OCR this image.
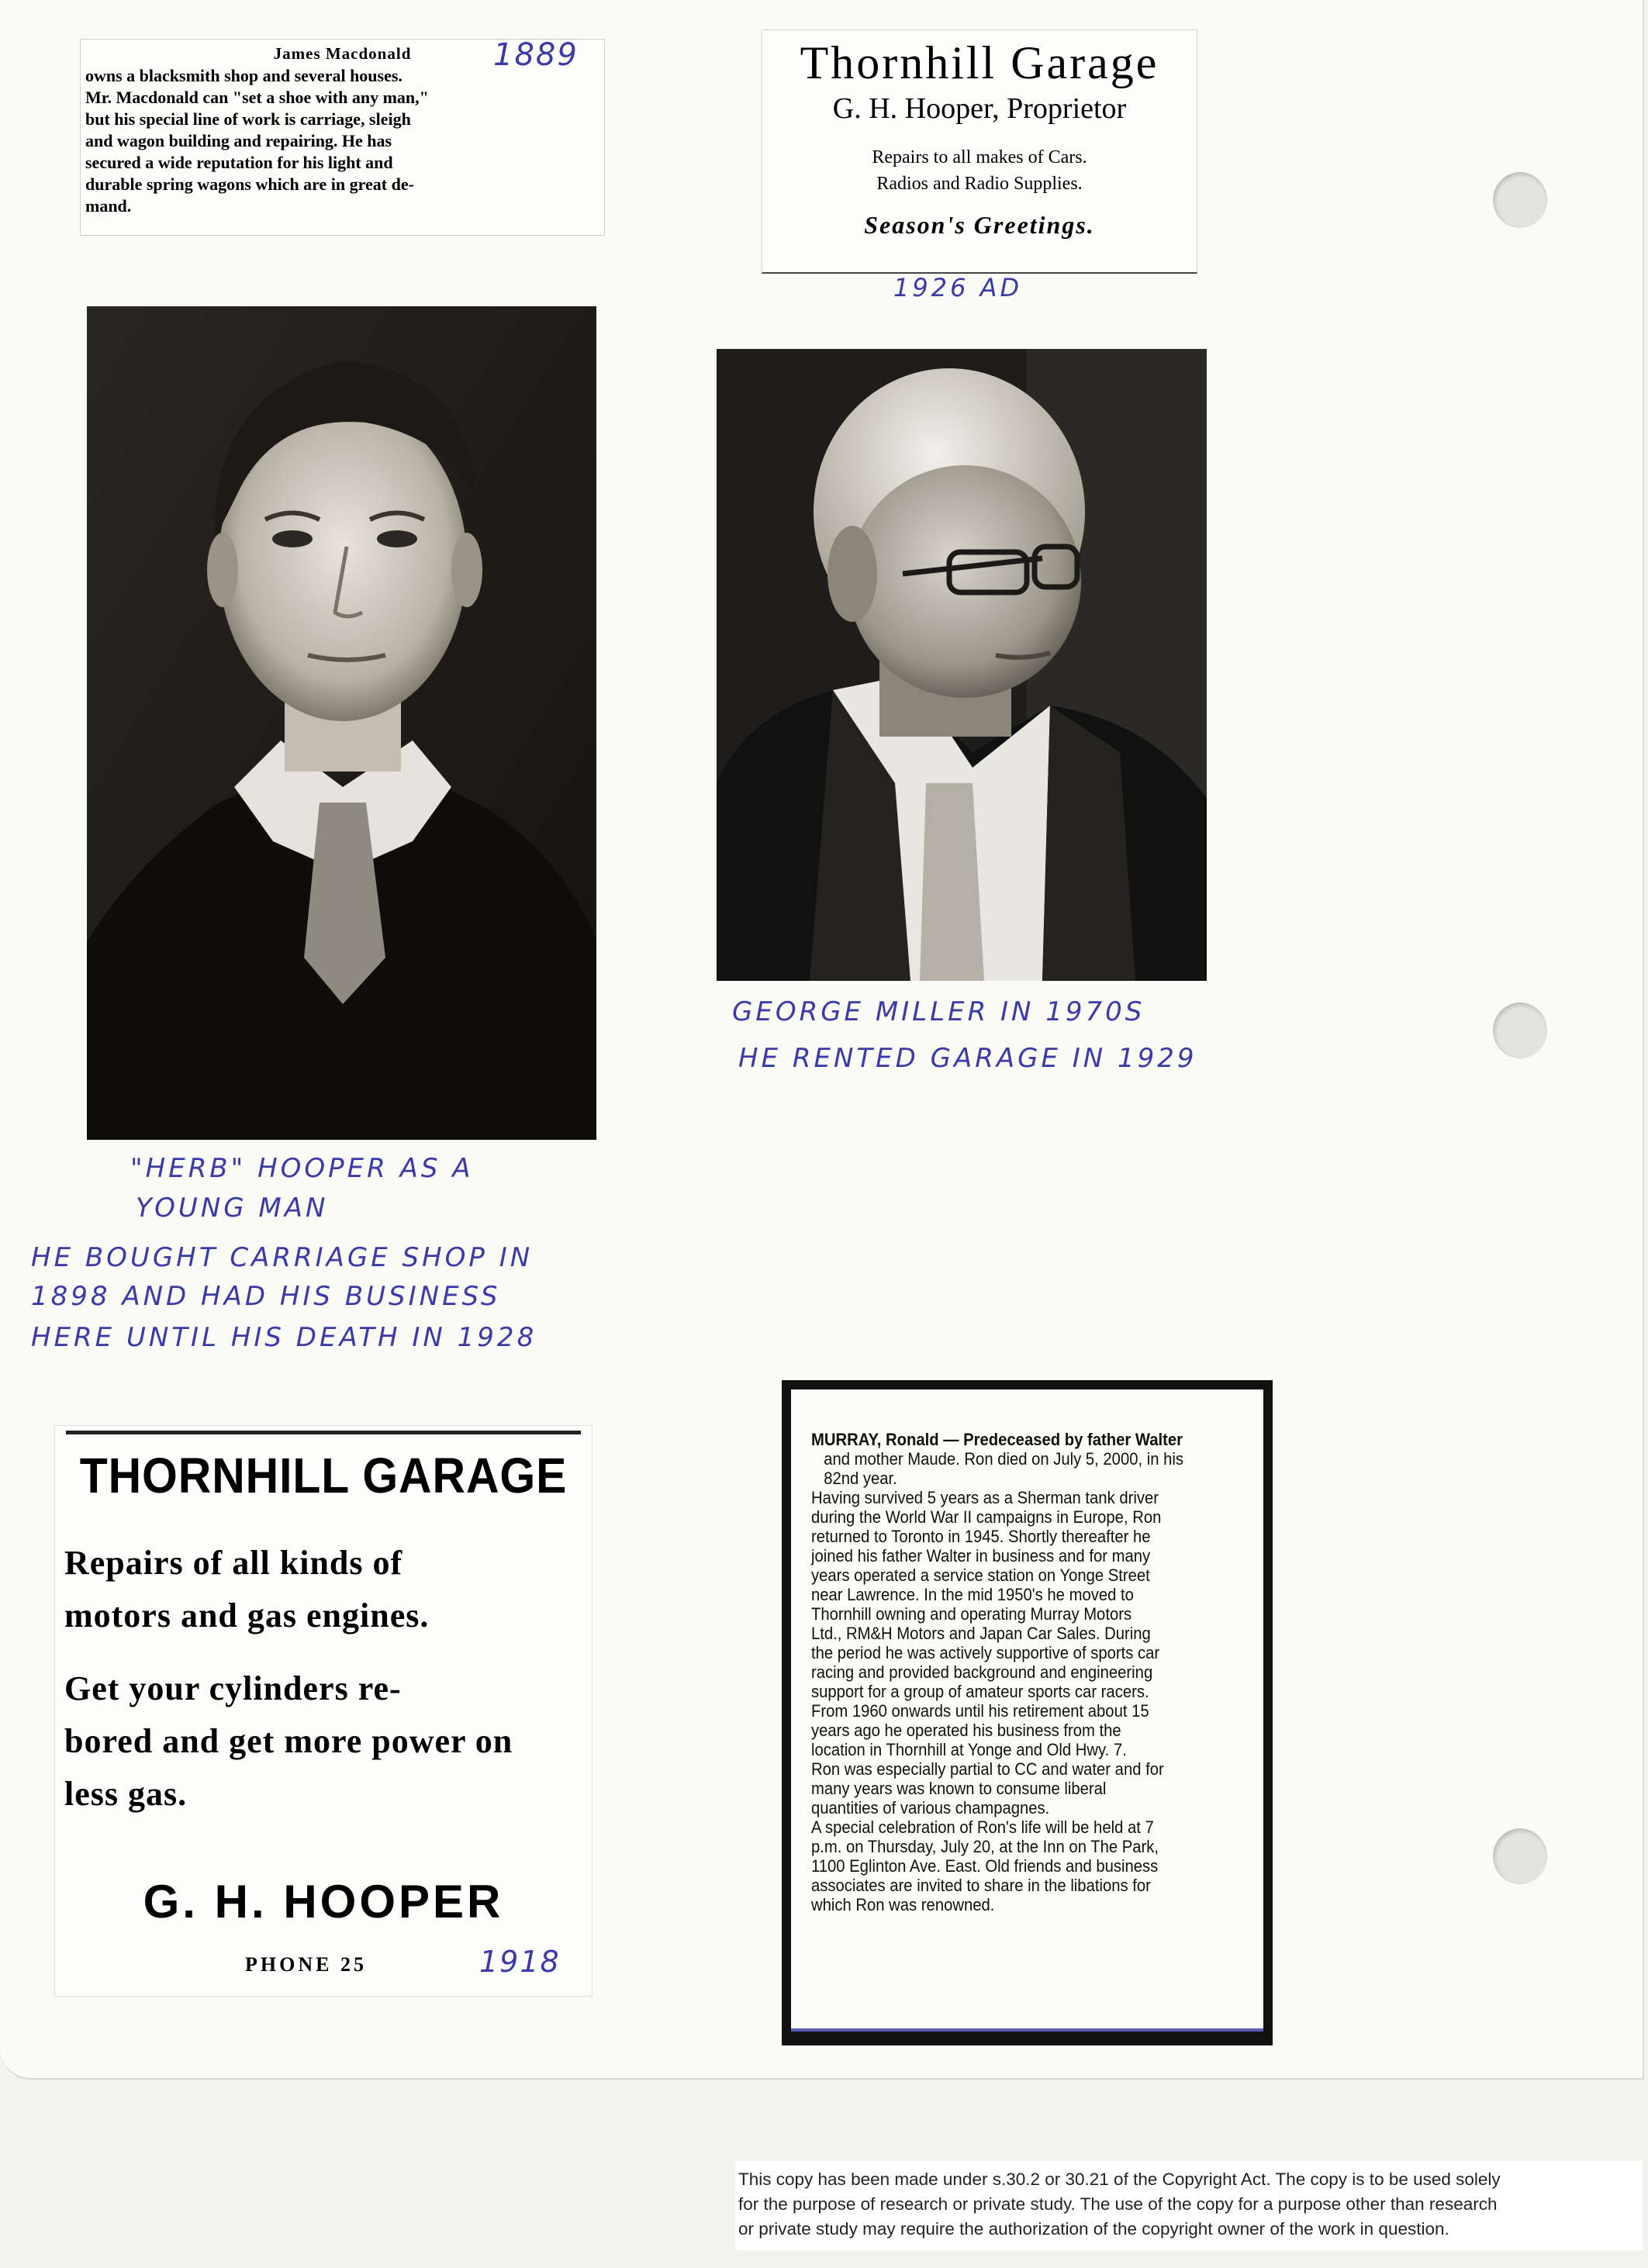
James Macdonald
owns a blacksmith shop and several houses.
Mr. Macdonald can "set a shoe with any man,"
but his special line of work is carriage, sleigh
and wagon building and repairing. He has
secured a wide reputation for his light and
durable spring wagons which are in great de-
mand.
1889	Thornhill Garage
G. H. Hooper, Proprietor
Repairs to all makes of Cars.
Radios and Radio Supplies.
Season's Greetings.
1926 AD
GEORGE MILLER IN 1970S
HE RENTED GARAGE IN 1929
"HERB" HOOPER AS A
YOUNG MAN
HE BOUGHT CARRIAGE SHOP IN
1898 AND HAD HIS BUSINESS
HERE UNTIL HIS DEATH IN 1928
THORNHILL GARAGE
Repairs of all kinds of
motors and gas engines.
Get your cylinders re-
bored and get more power on
less gas.
G. H. HOOPER
PHONE 25	1918

MURRAY, Ronald — Predeceased by father Walter

and mother Maude. Ron died on July 5, 2000, in his

82nd year.

Having survived 5 years as a Sherman tank driver

during the World War II campaigns in Europe, Ron

returned to Toronto in 1945. Shortly thereafter he

joined his father Walter in business and for many

years operated a service station on Yonge Street

near Lawrence. In the mid 1950's he moved to

Thornhill owning and operating Murray Motors

Ltd., RM&H Motors and Japan Car Sales. During

the period he was actively supportive of sports car

racing and provided background and engineering

support for a group of amateur sports car racers.

From 1960 onwards until his retirement about 15

years ago he operated his business from the

location in Thornhill at Yonge and Old Hwy. 7.

Ron was especially partial to CC and water and for

many years was known to consume liberal

quantities of various champagnes.

A special celebration of Ron's life will be held at 7

p.m. on Thursday, July 20, at the Inn on The Park,

1100 Eglinton Ave. East. Old friends and business

associates are invited to share in the libations for

which Ron was renowned.

This copy has been made under s.30.2 or 30.21 of the Copyright Act. The copy is to be used solely
for the purpose of research or private study. The use of the copy for a purpose other than research
or private study may require the authorization of the copyright owner of the work in question.
